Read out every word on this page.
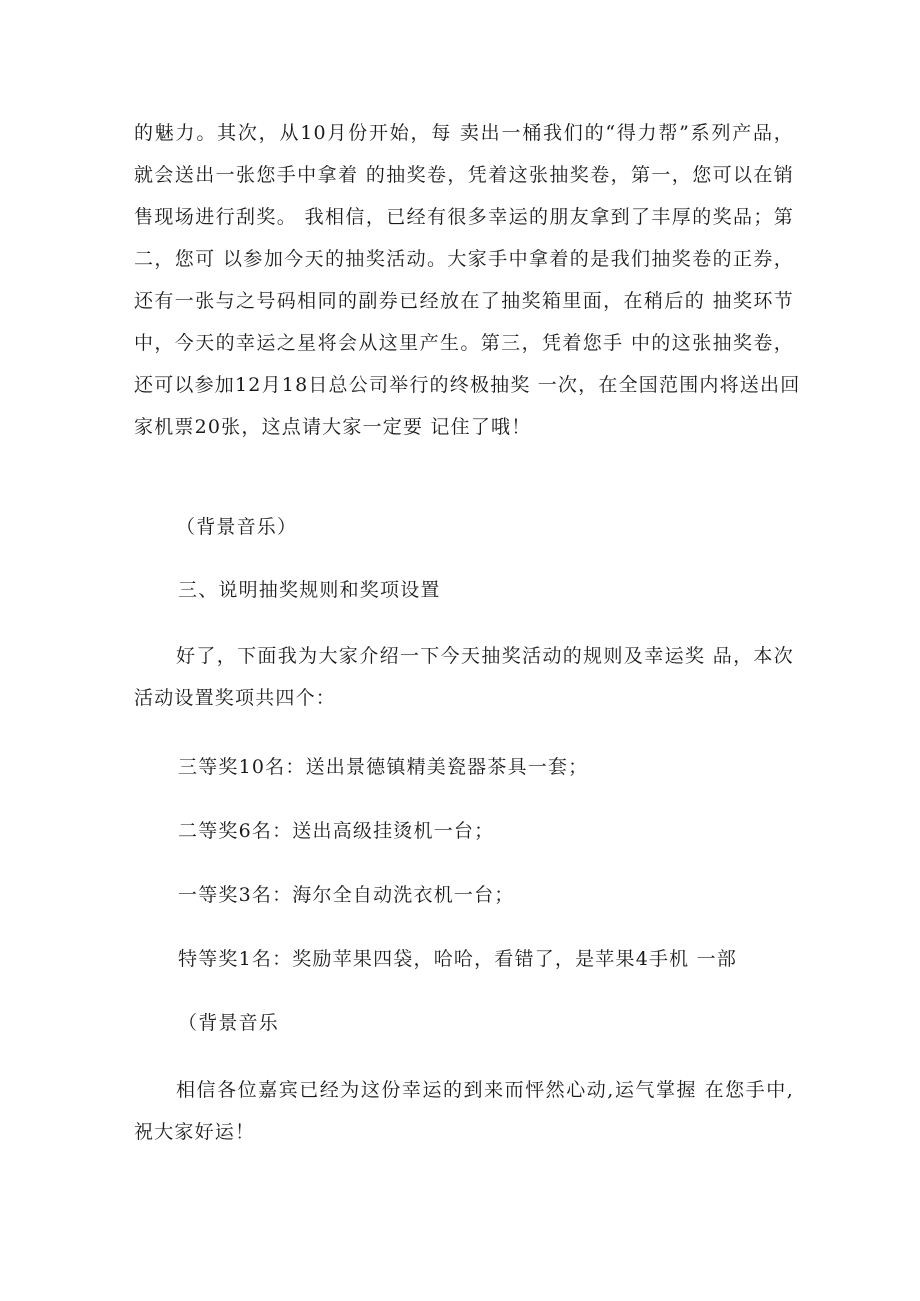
的魅力。其次，从10月份开始，每 卖出一桶我们的“得力帮”系列产品，
就会送出一张您手中拿着 的抽奖卷，凭着这张抽奖卷，第一，您可以在销
售现场进行刮奖。 我相信，已经有很多幸运的朋友拿到了丰厚的奖品；第
二，您可 以参加今天的抽奖活动。大家手中拿着的是我们抽奖卷的正券，
还有一张与之号码相同的副券已经放在了抽奖箱里面，在稍后的 抽奖环节
中，今天的幸运之星将会从这里产生。第三，凭着您手 中的这张抽奖卷，
还可以参加12月18日总公司举行的终极抽奖 一次，在全国范围内将送出回
家机票20张，这点请大家一定要 记住了哦！

（背景音乐）

三、说明抽奖规则和奖项设置

好了，下面我为大家介绍一下今天抽奖活动的规则及幸运奖 品，本次
活动设置奖项共四个：

三等奖10名：送出景德镇精美瓷器茶具一套；

二等奖6名：送出高级挂烫机一台；

一等奖3名：海尔全自动洗衣机一台；

特等奖1名：奖励苹果四袋，哈哈，看错了，是苹果4手机 一部

（背景音乐

相信各位嘉宾已经为这份幸运的到来而怦然心动,运气掌握 在您手中,
祝大家好运！
